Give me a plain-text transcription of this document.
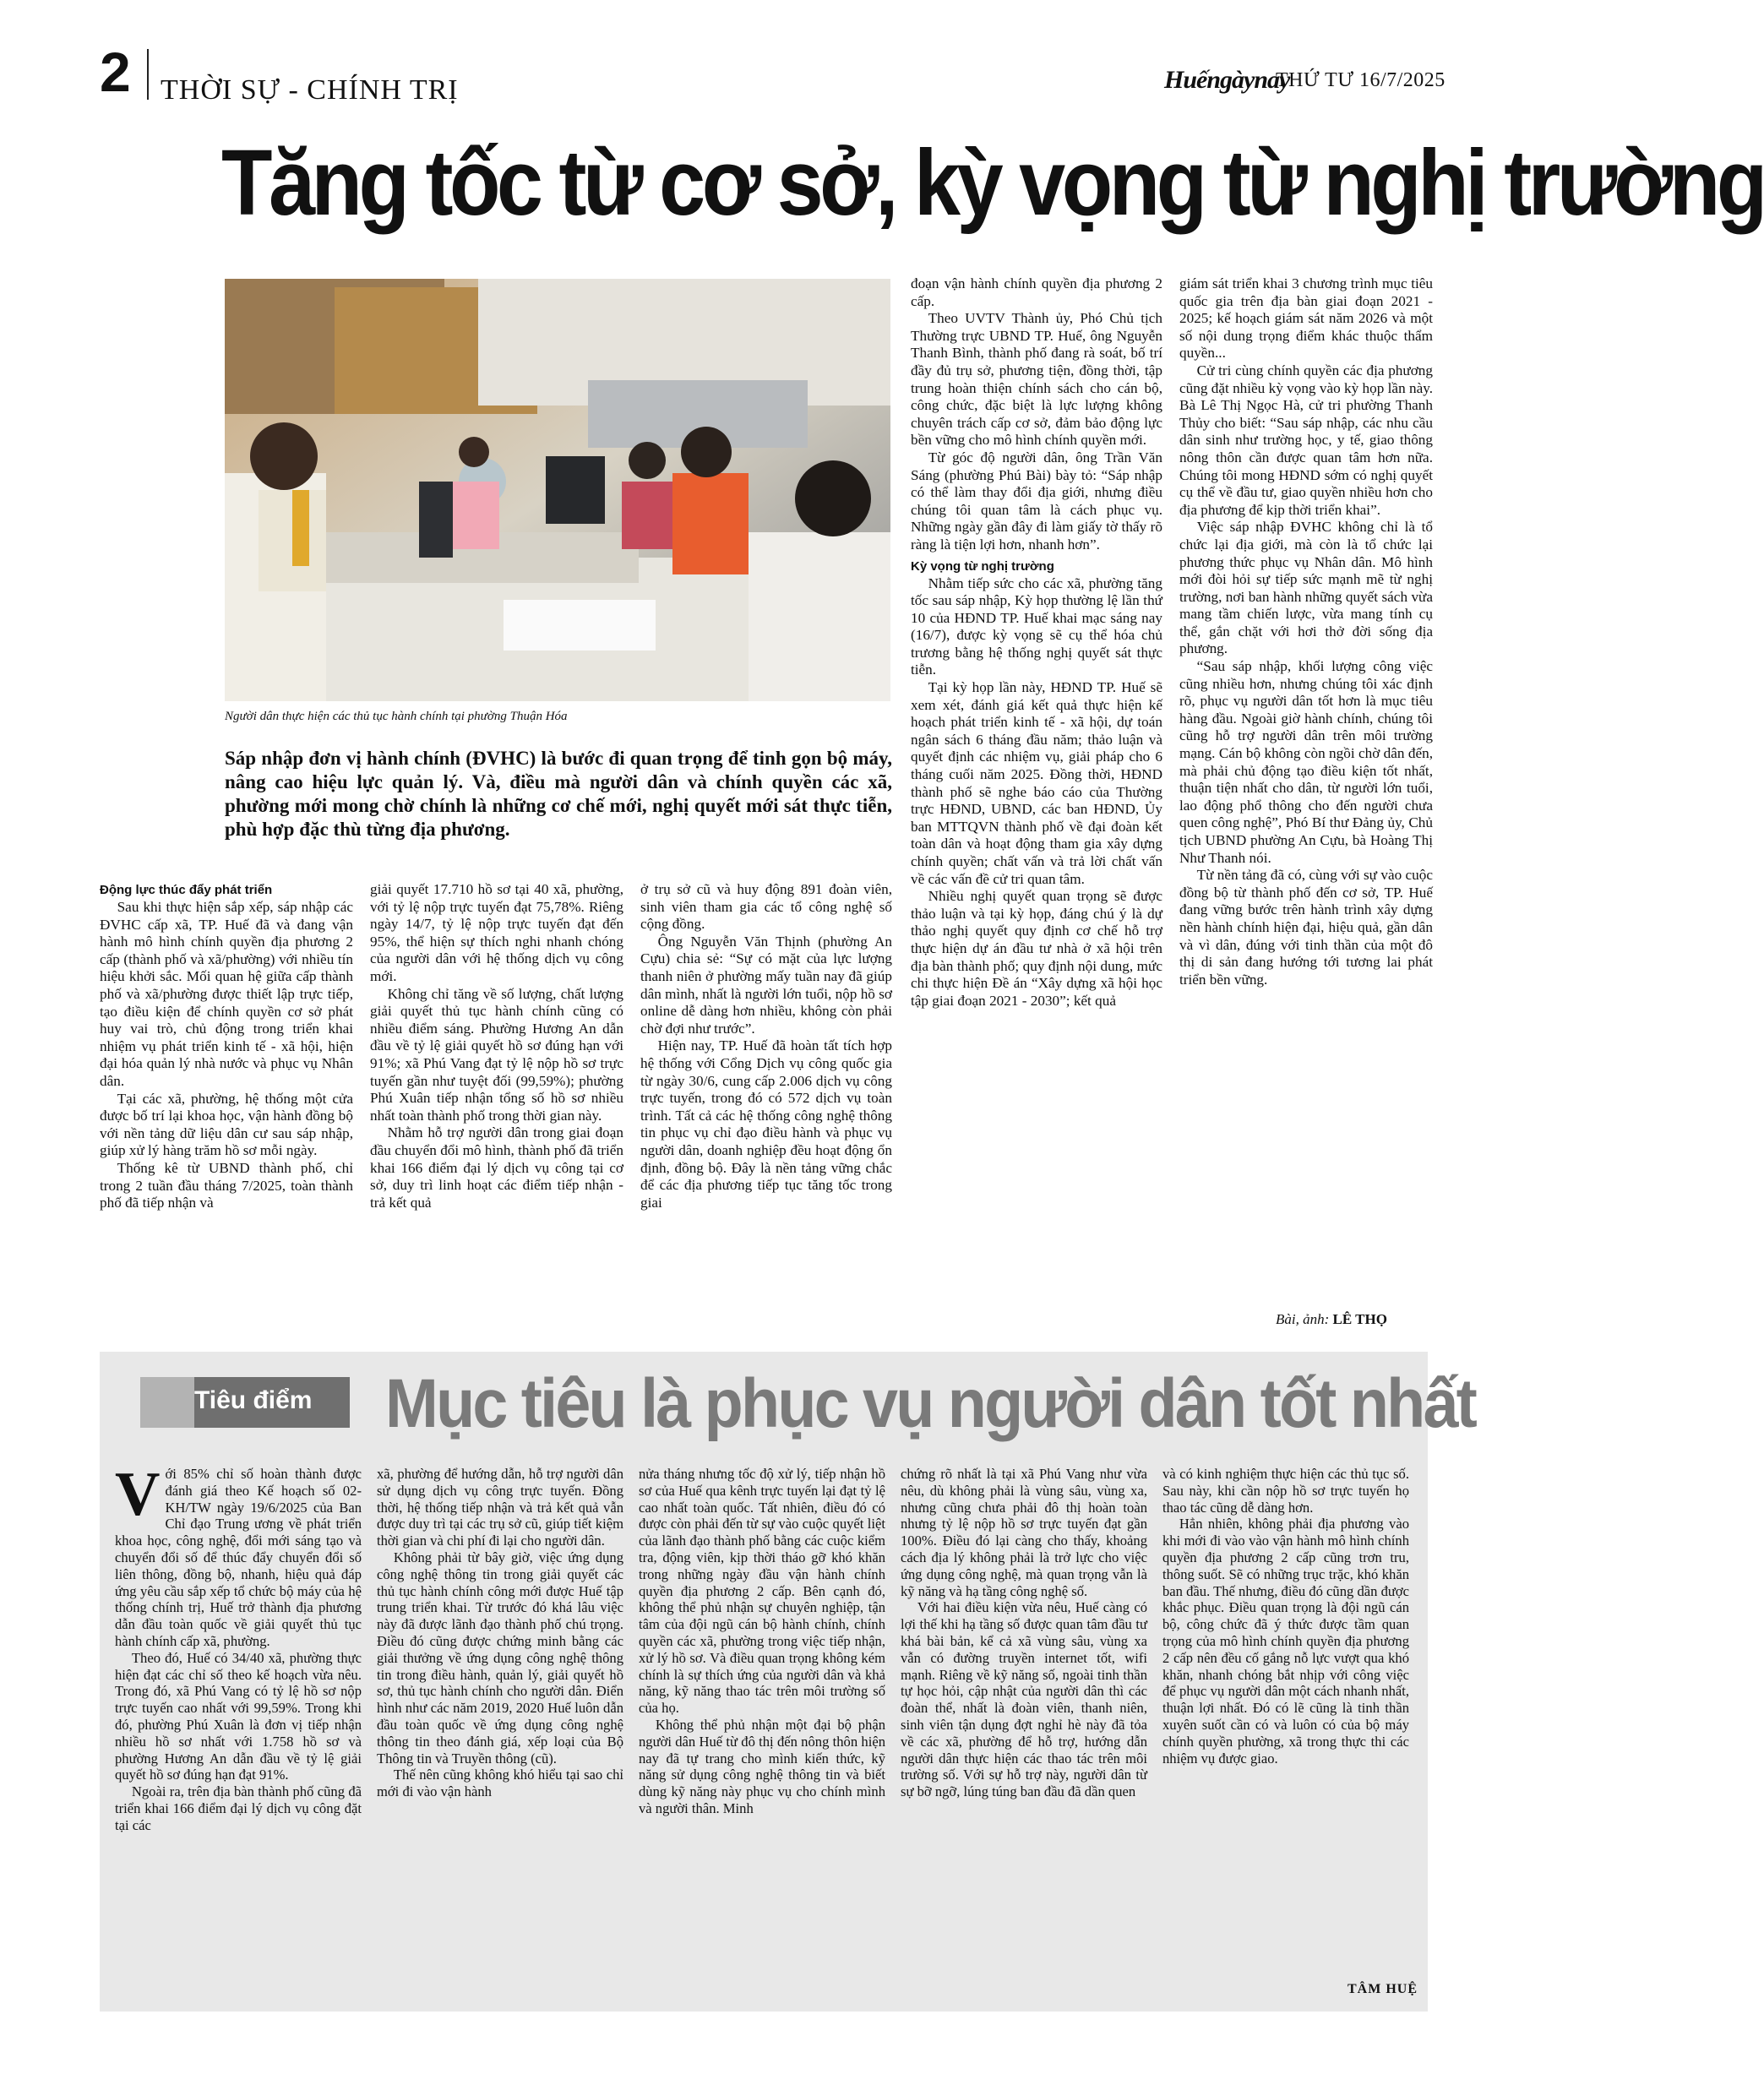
2 THỜI SỰ - CHÍNH TRỊ	Huếngàynay
THỨ TƯ 16/7/2025
Tăng tốc từ cơ sở, kỳ vọng từ nghị trường
Người dân thực hiện các thủ tục hành chính tại phường Thuận Hóa
Sáp nhập đơn vị hành chính (ĐVHC) là bước đi quan trọng để tinh gọn bộ máy, nâng cao hiệu lực quản lý. Và, điều mà người dân và chính quyền các xã, phường mới mong chờ chính là những cơ chế mới, nghị quyết mới sát thực tiễn, phù hợp đặc thù từng địa phương.

Động lực thúc đẩy phát triển

Sau khi thực hiện sắp xếp, sáp nhập các ĐVHC cấp xã, TP. Huế đã và đang vận hành mô hình chính quyền địa phương 2 cấp (thành phố và xã/phường) với nhiều tín hiệu khởi sắc. Mối quan hệ giữa cấp thành phố và xã/phường được thiết lập trực tiếp, tạo điều kiện để chính quyền cơ sở phát huy vai trò, chủ động trong triển khai nhiệm vụ phát triển kinh tế - xã hội, hiện đại hóa quản lý nhà nước và phục vụ Nhân dân.

Tại các xã, phường, hệ thống một cửa được bố trí lại khoa học, vận hành đồng bộ với nền tảng dữ liệu dân cư sau sáp nhập, giúp xử lý hàng trăm hồ sơ mỗi ngày.

Thống kê từ UBND thành phố, chỉ trong 2 tuần đầu tháng 7/2025, toàn thành phố đã tiếp nhận và

giải quyết 17.710 hồ sơ tại 40 xã, phường, với tỷ lệ nộp trực tuyến đạt 75,78%. Riêng ngày 14/7, tỷ lệ nộp trực tuyến đạt đến 95%, thể hiện sự thích nghi nhanh chóng của người dân với hệ thống dịch vụ công mới.

Không chỉ tăng về số lượng, chất lượng giải quyết thủ tục hành chính cũng có nhiều điểm sáng. Phường Hương An dẫn đầu về tỷ lệ giải quyết hồ sơ đúng hạn với 91%; xã Phú Vang đạt tỷ lệ nộp hồ sơ trực tuyến gần như tuyệt đối (99,59%); phường Phú Xuân tiếp nhận tổng số hồ sơ nhiều nhất toàn thành phố trong thời gian này.

Nhằm hỗ trợ người dân trong giai đoạn đầu chuyển đổi mô hình, thành phố đã triển khai 166 điểm đại lý dịch vụ công tại cơ sở, duy trì linh hoạt các điểm tiếp nhận - trả kết quả

ở trụ sở cũ và huy động 891 đoàn viên, sinh viên tham gia các tổ công nghệ số cộng đồng.

Ông Nguyễn Văn Thịnh (phường An Cựu) chia sẻ: “Sự có mặt của lực lượng thanh niên ở phường mấy tuần nay đã giúp dân mình, nhất là người lớn tuổi, nộp hồ sơ online dễ dàng hơn nhiều, không còn phải chờ đợi như trước”.

Hiện nay, TP. Huế đã hoàn tất tích hợp hệ thống với Cổng Dịch vụ công quốc gia từ ngày 30/6, cung cấp 2.006 dịch vụ công trực tuyến, trong đó có 572 dịch vụ toàn trình. Tất cả các hệ thống công nghệ thông tin phục vụ chỉ đạo điều hành và phục vụ người dân, doanh nghiệp đều hoạt động ổn định, đồng bộ. Đây là nền tảng vững chắc để các địa phương tiếp tục tăng tốc trong giai

đoạn vận hành chính quyền địa phương 2 cấp.

Theo UVTV Thành ủy, Phó Chủ tịch Thường trực UBND TP. Huế, ông Nguyễn Thanh Bình, thành phố đang rà soát, bố trí đầy đủ trụ sở, phương tiện, đồng thời, tập trung hoàn thiện chính sách cho cán bộ, công chức, đặc biệt là lực lượng không chuyên trách cấp cơ sở, đảm bảo động lực bền vững cho mô hình chính quyền mới.

Từ góc độ người dân, ông Trần Văn Sáng (phường Phú Bài) bày tỏ: “Sáp nhập có thể làm thay đổi địa giới, nhưng điều chúng tôi quan tâm là cách phục vụ. Những ngày gần đây đi làm giấy tờ thấy rõ ràng là tiện lợi hơn, nhanh hơn”.

Kỳ vọng từ nghị trường

Nhằm tiếp sức cho các xã, phường tăng tốc sau sáp nhập, Kỳ họp thường lệ lần thứ 10 của HĐND TP. Huế khai mạc sáng nay (16/7), được kỳ vọng sẽ cụ thể hóa chủ trương bằng hệ thống nghị quyết sát thực tiễn.

Tại kỳ họp lần này, HĐND TP. Huế sẽ xem xét, đánh giá kết quả thực hiện kế hoạch phát triển kinh tế - xã hội, dự toán ngân sách 6 tháng đầu năm; thảo luận và quyết định các nhiệm vụ, giải pháp cho 6 tháng cuối năm 2025. Đồng thời, HĐND thành phố sẽ nghe báo cáo của Thường trực HĐND, UBND, các ban HĐND, Ủy ban MTTQVN thành phố về đại đoàn kết toàn dân và hoạt động tham gia xây dựng chính quyền; chất vấn và trả lời chất vấn về các vấn đề cử tri quan tâm.

Nhiều nghị quyết quan trọng sẽ được thảo luận và tại kỳ họp, đáng chú ý là dự thảo nghị quyết quy định cơ chế hỗ trợ thực hiện dự án đầu tư nhà ở xã hội trên địa bàn thành phố; quy định nội dung, mức chi thực hiện Đề án “Xây dựng xã hội học tập giai đoạn 2021 - 2030”; kết quả

giám sát triển khai 3 chương trình mục tiêu quốc gia trên địa bàn giai đoạn 2021 - 2025; kế hoạch giám sát năm 2026 và một số nội dung trọng điểm khác thuộc thẩm quyền...

Cử tri cùng chính quyền các địa phương cũng đặt nhiều kỳ vọng vào kỳ họp lần này. Bà Lê Thị Ngọc Hà, cử tri phường Thanh Thủy cho biết: “Sau sáp nhập, các nhu cầu dân sinh như trường học, y tế, giao thông nông thôn cần được quan tâm hơn nữa. Chúng tôi mong HĐND sớm có nghị quyết cụ thể về đầu tư, giao quyền nhiều hơn cho địa phương để kịp thời triển khai”.

Việc sáp nhập ĐVHC không chỉ là tổ chức lại địa giới, mà còn là tổ chức lại phương thức phục vụ Nhân dân. Mô hình mới đòi hỏi sự tiếp sức mạnh mẽ từ nghị trường, nơi ban hành những quyết sách vừa mang tầm chiến lược, vừa mang tính cụ thể, gắn chặt với hơi thở đời sống địa phương.

“Sau sáp nhập, khối lượng công việc cũng nhiều hơn, nhưng chúng tôi xác định rõ, phục vụ người dân tốt hơn là mục tiêu hàng đầu. Ngoài giờ hành chính, chúng tôi cũng hỗ trợ người dân trên môi trường mạng. Cán bộ không còn ngồi chờ dân đến, mà phải chủ động tạo điều kiện tốt nhất, thuận tiện nhất cho dân, từ người lớn tuổi, lao động phổ thông cho đến người chưa quen công nghệ”, Phó Bí thư Đảng ủy, Chủ tịch UBND phường An Cựu, bà Hoàng Thị Như Thanh nói.

Từ nền tảng đã có, cùng với sự vào cuộc đồng bộ từ thành phố đến cơ sở, TP. Huế đang vững bước trên hành trình xây dựng nền hành chính hiện đại, hiệu quả, gần dân và vì dân, đúng với tinh thần của một đô thị di sản đang hướng tới tương lai phát triển bền vững.

Bài, ảnh: LÊ THỌ
Tiêu điểm Mục tiêu là phục vụ người dân tốt nhất
V ới 85% chỉ số hoàn thành được đánh giá theo Kế hoạch số 02-KH/TW ngày 19/6/2025 của Ban Chỉ đạo Trung ương về phát triển khoa học, công nghệ, đổi mới sáng tạo và chuyển đổi số để thúc đẩy chuyển đổi số liên thông, đồng bộ, nhanh, hiệu quả đáp ứng yêu cầu sắp xếp tổ chức bộ máy của hệ thống chính trị, Huế trở thành địa phương dẫn đầu toàn quốc về giải quyết thủ tục hành chính cấp xã, phường.

Theo đó, Huế có 34/40 xã, phường thực hiện đạt các chỉ số theo kế hoạch vừa nêu. Trong đó, xã Phú Vang có tỷ lệ hồ sơ nộp trực tuyến cao nhất với 99,59%. Trong khi đó, phường Phú Xuân là đơn vị tiếp nhận nhiều hồ sơ nhất với 1.758 hồ sơ và phường Hương An dẫn đầu về tỷ lệ giải quyết hồ sơ đúng hạn đạt 91%.

Ngoài ra, trên địa bàn thành phố cũng đã triển khai 166 điểm đại lý dịch vụ công đặt tại các

xã, phường để hướng dẫn, hỗ trợ người dân sử dụng dịch vụ công trực tuyến. Đồng thời, hệ thống tiếp nhận và trả kết quả vẫn được duy trì tại các trụ sở cũ, giúp tiết kiệm thời gian và chi phí đi lại cho người dân.

Không phải từ bây giờ, việc ứng dụng công nghệ thông tin trong giải quyết các thủ tục hành chính công mới được Huế tập trung triển khai. Từ trước đó khá lâu việc này đã được lãnh đạo thành phố chú trọng. Điều đó cũng được chứng minh bằng các giải thưởng về ứng dụng công nghệ thông tin trong điều hành, quản lý, giải quyết hồ sơ, thủ tục hành chính cho người dân. Điển hình như các năm 2019, 2020 Huế luôn dẫn đầu toàn quốc về ứng dụng công nghệ thông tin theo đánh giá, xếp loại của Bộ Thông tin và Truyền thông (cũ).

Thế nên cũng không khó hiểu tại sao chỉ mới đi vào vận hành

nửa tháng nhưng tốc độ xử lý, tiếp nhận hồ sơ của Huế qua kênh trực tuyến lại đạt tỷ lệ cao nhất toàn quốc. Tất nhiên, điều đó có được còn phải đến từ sự vào cuộc quyết liệt của lãnh đạo thành phố bằng các cuộc kiểm tra, động viên, kịp thời tháo gỡ khó khăn trong những ngày đầu vận hành chính quyền địa phương 2 cấp. Bên cạnh đó, không thể phủ nhận sự chuyên nghiệp, tận tâm của đội ngũ cán bộ hành chính, chính quyền các xã, phường trong việc tiếp nhận, xử lý hồ sơ. Và điều quan trọng không kém chính là sự thích ứng của người dân và khả năng, kỹ năng thao tác trên môi trường số của họ.

Không thể phủ nhận một đại bộ phận người dân Huế từ đô thị đến nông thôn hiện nay đã tự trang cho mình kiến thức, kỹ năng sử dụng công nghệ thông tin và biết dùng kỹ năng này phục vụ cho chính mình và người thân. Minh

chứng rõ nhất là tại xã Phú Vang như vừa nêu, dù không phải là vùng sâu, vùng xa, nhưng cũng chưa phải đô thị hoàn toàn nhưng tỷ lệ nộp hồ sơ trực tuyến đạt gần 100%. Điều đó lại càng cho thấy, khoảng cách địa lý không phải là trở lực cho việc ứng dụng công nghệ, mà quan trọng vẫn là kỹ năng và hạ tầng công nghệ số.

Với hai điều kiện vừa nêu, Huế càng có lợi thế khi hạ tầng số được quan tâm đầu tư khá bài bản, kể cả xã vùng sâu, vùng xa vẫn có đường truyền internet tốt, wifi mạnh. Riêng về kỹ năng số, ngoài tinh thần tự học hỏi, cập nhật của người dân thì các đoàn thể, nhất là đoàn viên, thanh niên, sinh viên tận dụng đợt nghỉ hè này đã tỏa về các xã, phường để hỗ trợ, hướng dẫn người dân thực hiện các thao tác trên môi trường số. Với sự hỗ trợ này, người dân từ sự bỡ ngỡ, lúng túng ban đầu đã dần quen

và có kinh nghiệm thực hiện các thủ tục số. Sau này, khi cần nộp hồ sơ trực tuyến họ thao tác cũng dễ dàng hơn.

Hẳn nhiên, không phải địa phương vào khi mới đi vào vào vận hành mô hình chính quyền địa phương 2 cấp cũng trơn tru, thông suốt. Sẽ có những trục trặc, khó khăn ban đầu. Thế nhưng, điều đó cũng dần được khắc phục. Điều quan trọng là đội ngũ cán bộ, công chức đã ý thức được tầm quan trọng của mô hình chính quyền địa phương 2 cấp nên đều cố gắng nỗ lực vượt qua khó khăn, nhanh chóng bắt nhịp với công việc để phục vụ người dân một cách nhanh nhất, thuận lợi nhất. Đó có lẽ cũng là tinh thần xuyên suốt cần có và luôn có của bộ máy chính quyền phường, xã trong thực thi các nhiệm vụ được giao.

TÂM HUỆ
